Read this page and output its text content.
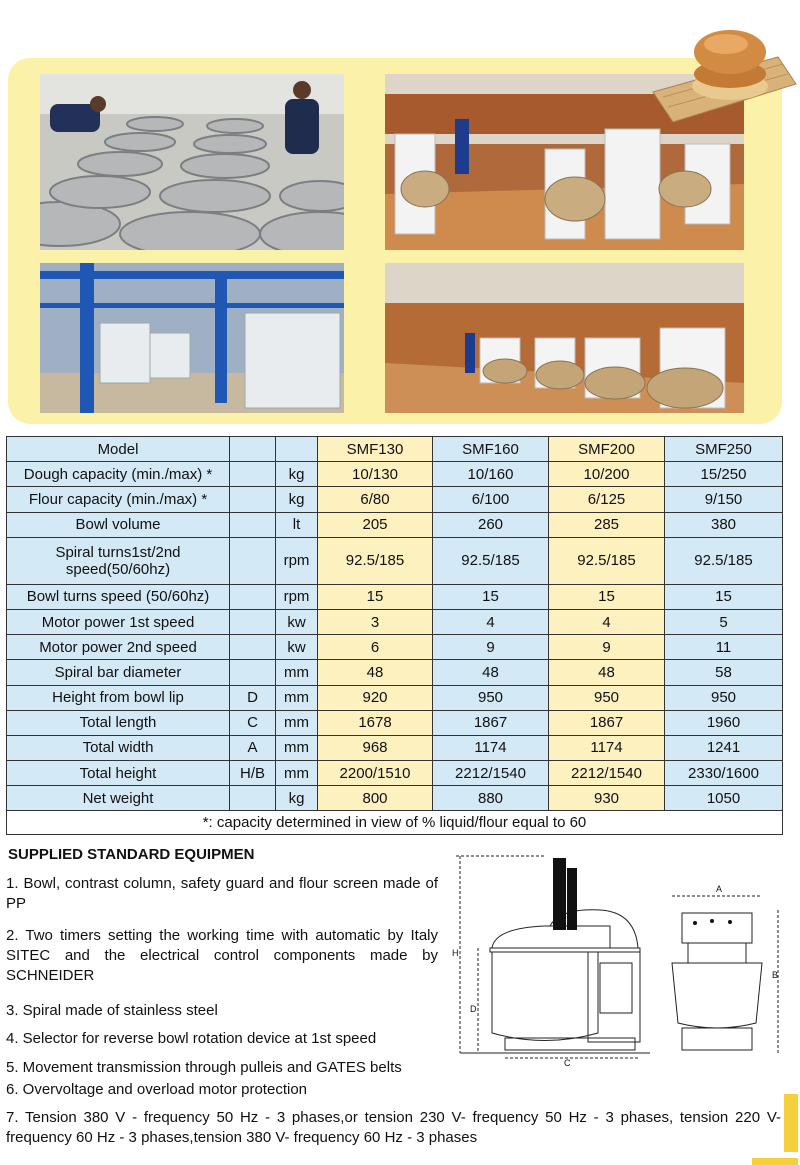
Model			SMF130	SMF160	SMF200	SMF250
Dough capacity (min./max) *		kg	10/130	10/160	10/200	15/250
Flour capacity (min./max) *		kg	6/80	6/100	6/125	9/150
Bowl volume		lt	205	260	285	380
Spiral turns1st/2nd speed(50/60hz)		rpm	92.5/185	92.5/185	92.5/185	92.5/185
Bowl turns speed (50/60hz)		rpm	15	15	15	15
Motor power 1st speed		kw	3	4	4	5
Motor power 2nd speed		kw	6	9	9	11
Spiral bar diameter		mm	48	48	48	58
Height from bowl lip	D	mm	920	950	950	950
Total length	C	mm	1678	1867	1867	1960
Total width	A	mm	968	1174	1174	1241
Total height	H/B	mm	2200/1510	2212/1540	2212/1540	2330/1600
Net weight		kg	800	880	930	1050
*: capacity determined in view of % liquid/flour equal to 60						
SUPPLIED STANDARD EQUIPMEN
1. Bowl, contrast column, safety guard and flour screen made of PP
2. Two timers setting the working time with automatic by Italy SITEC and the electrical control components made by SCHNEIDER
3. Spiral made of stainless steel
4. Selector for reverse bowl rotation device at 1st speed
5. Movement transmission through pulleis and GATES belts
6. Overvoltage and overload motor protection
7. Tension 380 V - frequency 50 Hz - 3 phases,or tension 230 V- frequency 50 Hz - 3 phases, tension 220 V- frequency 60 Hz - 3 phases,tension 380 V- frequency 60 Hz - 3 phases
H
D
C
A
B
